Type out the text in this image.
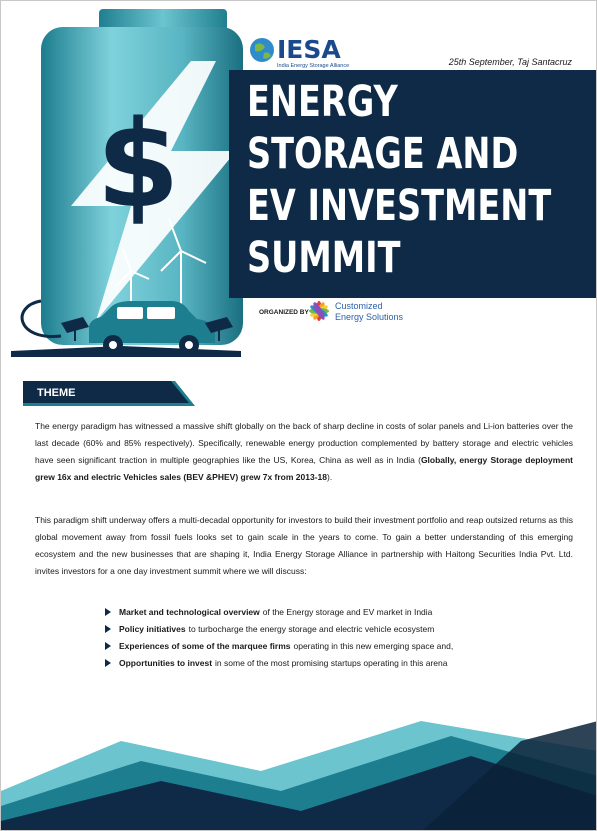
$
IESA
India Energy Storage Alliance	25th September, Taj Santacruz
ENERGY
STORAGE AND
EV INVESTMENT
SUMMIT
ORGANIZED BY
Customized
Energy Solutions
THEME
The energy paradigm has witnessed a massive shift globally on the back of sharp decline in costs of solar panels and Li-ion batteries over the last decade (60% and 85% respectively). Specifically, renewable energy production complemented by battery storage and electric vehicles have seen significant traction in multiple geographies like the US, Korea, China as well as in India (Globally, energy Storage deployment grew 16x and electric Vehicles sales (BEV &PHEV) grew 7x from 2013-18).
This paradigm shift underway offers a multi-decadal opportunity for investors to build their investment portfolio and reap outsized returns as this global movement away from fossil fuels looks set to gain scale in the years to come. To gain a better understanding of this emerging ecosystem and the new businesses that are shaping it, India Energy Storage Alliance in partnership with Haitong Securities India Pvt. Ltd. invites investors for a one day investment summit where we will discuss:
Market and technological overview of the Energy storage and EV market in India
Policy initiatives to turbocharge the energy storage and electric vehicle ecosystem
Experiences of some of the marquee firms operating in this new emerging space and,
Opportunities to invest in some of the most promising startups operating in this arena
